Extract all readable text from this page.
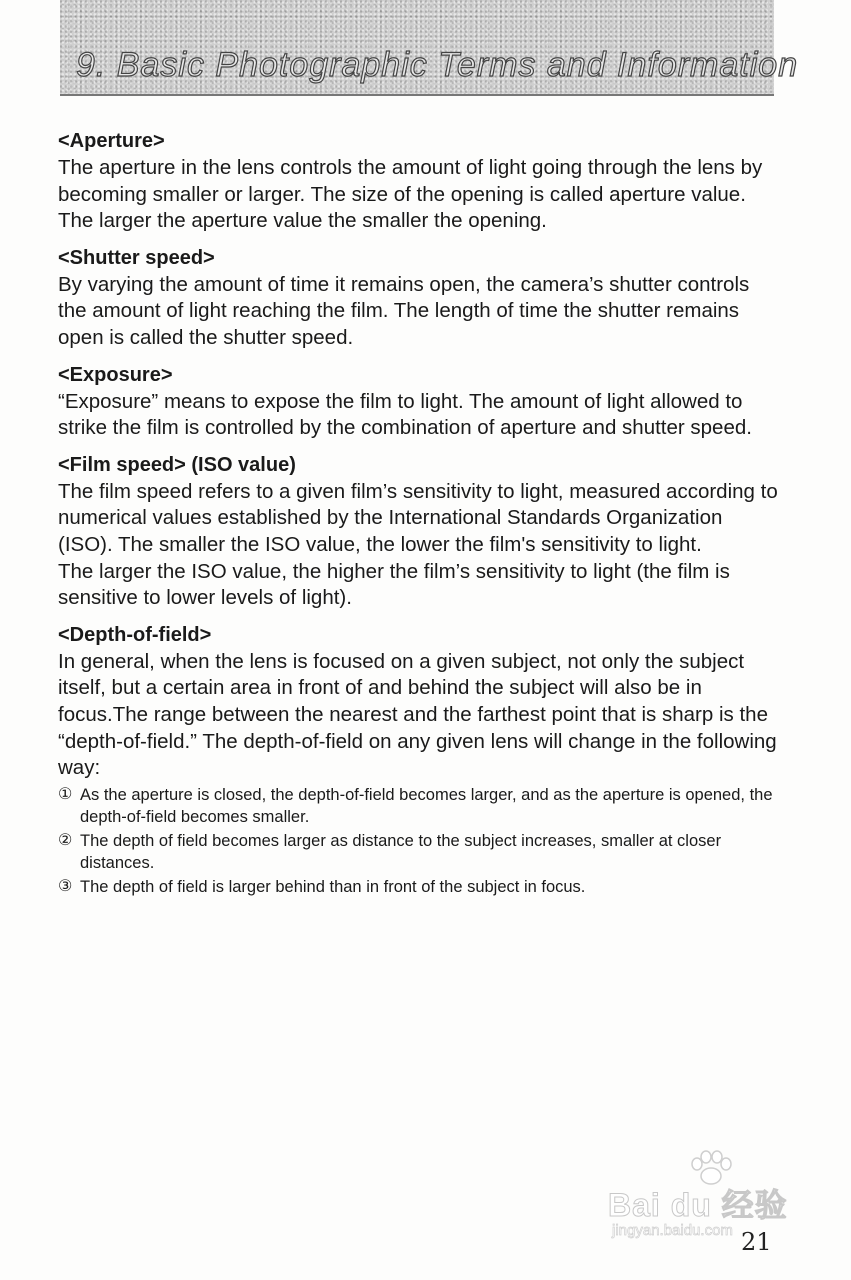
9. Basic Photographic Terms and Information

<Aperture>

The aperture in the lens controls the amount of light going through the lens by becoming smaller or larger. The size of the opening is called aperture value. The larger the aperture value the smaller the opening.

<Shutter speed>

By varying the amount of time it remains open, the camera’s shutter controls the amount of light reaching the film. The length of time the shutter remains open is called the shutter speed.

<Exposure>

“Exposure” means to expose the film to light. The amount of light allowed to strike the film is controlled by the combination of aperture and shutter speed.

<Film speed> (ISO value)

The film speed refers to a given film’s sensitivity to light, measured according to numerical values established by the International Standards Organization (ISO). The smaller the ISO value, the lower the film's sensitivity to light.

The larger the ISO value, the higher the film’s sensitivity to light (the film is sensitive to lower levels of light).

<Depth-of-field>

In general, when the lens is focused on a given subject, not only the subject itself, but a certain area in front of and behind the subject will also be in focus.The range between the nearest and the farthest point that is sharp is the “depth-of-field.” The depth-of-field on any given lens will change in the following way:

① As the aperture is closed, the depth-of-field becomes larger, and as the aperture is opened, the depth-of-field becomes smaller.
② The depth of field becomes larger as distance to the subject increases, smaller at closer distances.
③ The depth of field is larger behind than in front of the subject in focus.
Bai du 经验
jingyan.baidu.com 21
